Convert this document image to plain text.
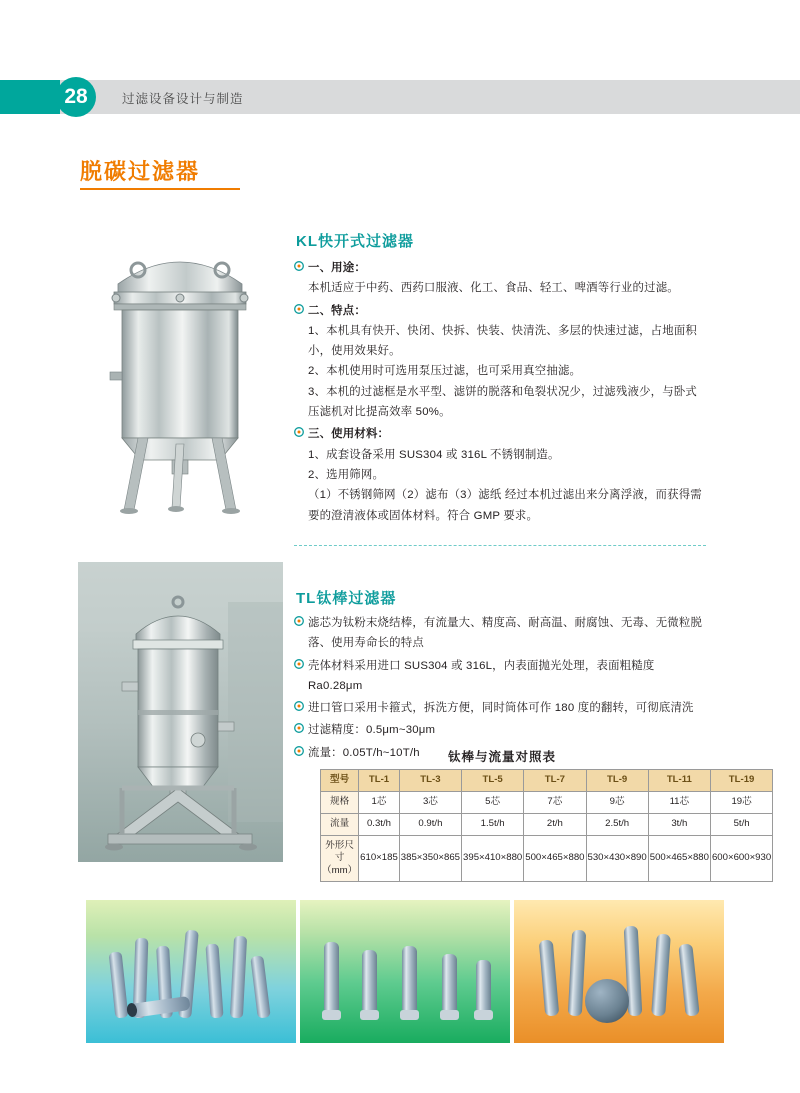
28	过滤设备设计与制造
脱碳过滤器
KL快开式过滤器
一、用途：
本机适应于中药、西药口服液、化工、食品、轻工、啤酒等行业的过滤。
二、特点：
1、本机具有快开、快闭、快拆、快装、快清洗、多层的快速过滤，占地面积小，使用效果好。
2、本机使用时可选用泵压过滤，也可采用真空抽滤。
3、本机的过滤框是水平型、滤饼的脱落和龟裂状况少，过滤残液少，与卧式压滤机对比提高效率 50%。
三、使用材料：
1、成套设备采用 SUS304 或 316L 不锈钢制造。
2、选用筛网。
（1）不锈钢筛网（2）滤布（3）滤纸 经过本机过滤出来分离浮液，而获得需要的澄清液体或固体材料。符合 GMP 要求。
TL钛棒过滤器
滤芯为钛粉末烧结棒，有流量大、精度高、耐高温、耐腐蚀、无毒、无微粒脱落、使用寿命长的特点
壳体材料采用进口 SUS304 或 316L，内表面抛光处理，表面粗糙度 Ra0.28μm
进口管口采用卡箍式，拆洗方便，同时筒体可作 180 度的翻转，可彻底清洗
过滤精度：0.5μm~30μm
流量：0.05T/h~10T/h	钛棒与流量对照表
型号	TL-1	TL-3	TL-5	TL-7	TL-9	TL-11	TL-19
规格	1芯	3芯	5芯	7芯	9芯	11芯	19芯
流量	0.3t/h	0.9t/h	1.5t/h	2t/h	2.5t/h	3t/h	5t/h
外形尺寸（mm）	610×185	385×350×865	395×410×880	500×465×880	530×430×890	500×465×880	600×600×930
